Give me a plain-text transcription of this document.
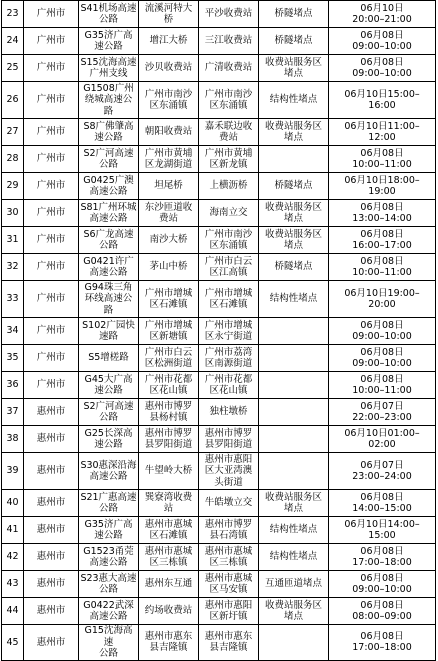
23	广州市	S41机场高速
公路	流溪河特大
桥	平沙收费站	桥隧堵点	06月10日
20:00–21:00
24	广州市	G35济广高
速公路	增江大桥	三江收费站	桥隧堵点	06月08日
09:00–10:00
25	广州市	S15沈海高速
广州支线	沙贝收费站	广清收费站	收费站服务区
堵点	06月08日
09:00–10:00
26	广州市	G1508广州
绕城高速公
路	广州市南沙
区东涌镇	广州市南沙
区东涌镇	结构性堵点	06月10日15:00–
16:00
27	广州市	S8广佛肇高
速公路	朝阳收费站	嘉禾联边收
费站	收费站服务区
堵点	06月10日11:00–
12:00
28	广州市	S2广河高速
公路	广州市黄埔
区龙湖街道	广州市黄埔
区新龙镇		06月08日
10:00–11:00
29	广州市	G0425广澳
高速公路	坦尾桥	上横沥桥	桥隧堵点	06月10日18:00–
19:00
30	广州市	S81广州环城
高速公路	东沙匝道收
费站	海南立交	收费站服务区
堵点	06月08日
13:00–14:00
31	广州市	S6广龙高速
公路	南沙大桥	广州市南沙
区东涌镇	收费站服务区
堵点	06月08日
16:00–17:00
32	广州市	G0421许广
高速公路	茅山中桥	广州市白云
区江高镇	桥隧堵点	06月08日
10:00–11:00
33	广州市	G94珠三角
环线高速公
路	广州市增城
区石滩镇	广州市增城
区石滩镇	结构性堵点	06月10日19:00–
20:00
34	广州市	S102广园快
速路	广州市增城
区新塘镇	广州市增城
区永宁街道		06月08日
09:00–10:00
35	广州市	S5增槎路	广州市白云
区松洲街道	广州市荔湾
区南源街道		06月08日
09:00–10:00
36	广州市	G45大广高
速公路	广州市花都
区花山镇	广州市花都
区花山镇		06月08日
10:00–11:00
37	惠州市	S2广河高速
公路	惠州市博罗
县杨村镇	独柱墩桥		06月07日
22:00–23:00
38	惠州市	G25长深高
速公路	惠州市博罗
县罗阳街道	惠州市博罗
县罗阳街道		06月10日01:00–
02:00
39	惠州市	S30惠深沿海
高速公路	牛望岭大桥	惠州市惠阳
区大亚湾澳
头街道		06月07日
23:00–24:00
40	惠州市	S21广惠高速
公路	巽寮湾收费
站	牛皓墩立交	收费站服务区
堵点	06月08日
14:00–15:00
41	惠州市	G35济广高
速公路	惠州市惠城
区石滩镇	惠州市博罗
县石湾镇	结构性堵点	06月10日14:00–
15:00
42	惠州市	G1523甬莞
高速公路	惠州市惠城
区三栋镇	惠州市惠城
区三栋镇	结构性堵点	06月08日
17:00–18:00
43	惠州市	S23惠大高速
公路	惠州东互通	惠州市惠城
区马安镇	互通匝道堵点	06月08日
09:00–10:00
44	惠州市	G0422武深
高速公路	约场收费站	惠州市惠阳
区新圩镇	收费站服务区
堵点	06月08日
08:00–09:00
45	惠州市	G15沈海高速
公路	惠州市惠东
县吉隆镇	惠州市惠东
县吉隆镇		06月08日
17:00–18:00
